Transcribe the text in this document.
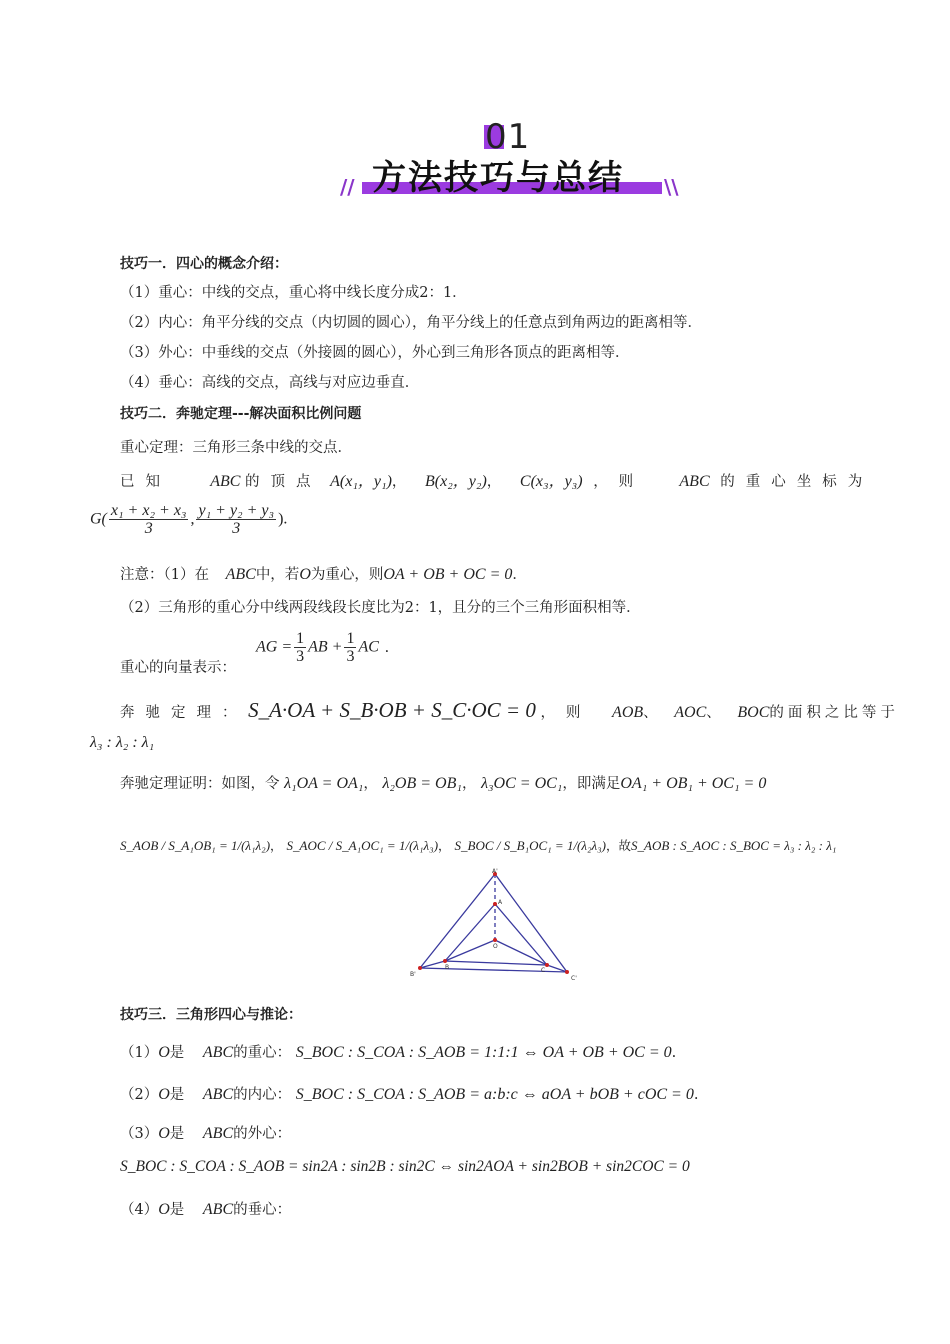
01
// 方法技巧与总结 \\
技巧一．四心的概念介绍：
（1）重心：中线的交点，重心将中线长度分成2：1．
（2）内心：角平分线的交点（内切圆的圆心），角平分线上的任意点到角两边的距离相等．
（3）外心：中垂线的交点（外接圆的圆心），外心到三角形各顶点的距离相等．
（4）垂心：高线的交点，高线与对应边垂直．
技巧二．奔驰定理---解决面积比例问题
重心定理：三角形三条中线的交点．
已知 ABC 的顶点 A(x₁，y₁)， B(x₂，y₂)， C(x₃，y₃) ，则 ABC 的重心坐标为
$G( \frac{\text{x₁ + x₂ + x₃}}{3}$ , $\frac{\text{y₁ + y₂ + y₃}}{3}$ ).
注意：（1）在 ABC中，若O为重心，则OA + OB + OC = 0．
（2）三角形的重心分中线两段线段长度比为2：1，且分的三个三角形面积相等．
重心的向量表示：
AG = $\frac{1}{3}$ AB + $\frac{1}{3}$ AC .
奔驰定理： S_A·OA + S_B·OB + S_C·OC = 0 ，则 AOB、 AOC、 BOC的面积之比等于
λ₃ : λ₂ : λ₁
奔驰定理证明：如图，令 λ₁OA = OA₁， λ₂OB = OB₁， λ₃OC = OC₁，即满足OA₁ + OB₁ + OC₁ = 0
S_AOB / S_A₁OB₁ = 1/(λ₁λ₂)， S_AOC / S_A₁OC₁ = 1/(λ₁λ₃)， S_BOC / S_B₁OC₁ = 1/(λ₂λ₃)，故S_AOB : S_AOC : S_BOC = λ₃ : λ₂ : λ₁
A'
A
O
B	C
B'
C'
技巧三．三角形四心与推论：
（1）O是 ABC的重心： S_BOC : S_COA : S_AOB = 1:1:1 ⇔ OA + OB + OC = 0.
（2）O是 ABC的内心： S_BOC : S_COA : S_AOB = a:b:c ⇔ aOA + bOB + cOC = 0.
（3）O是 ABC的外心：
S_BOC : S_COA : S_AOB = sin2A : sin2B : sin2C ⇔ sin2AOA + sin2BOB + sin2COC = 0
（4）O是 ABC的垂心：
